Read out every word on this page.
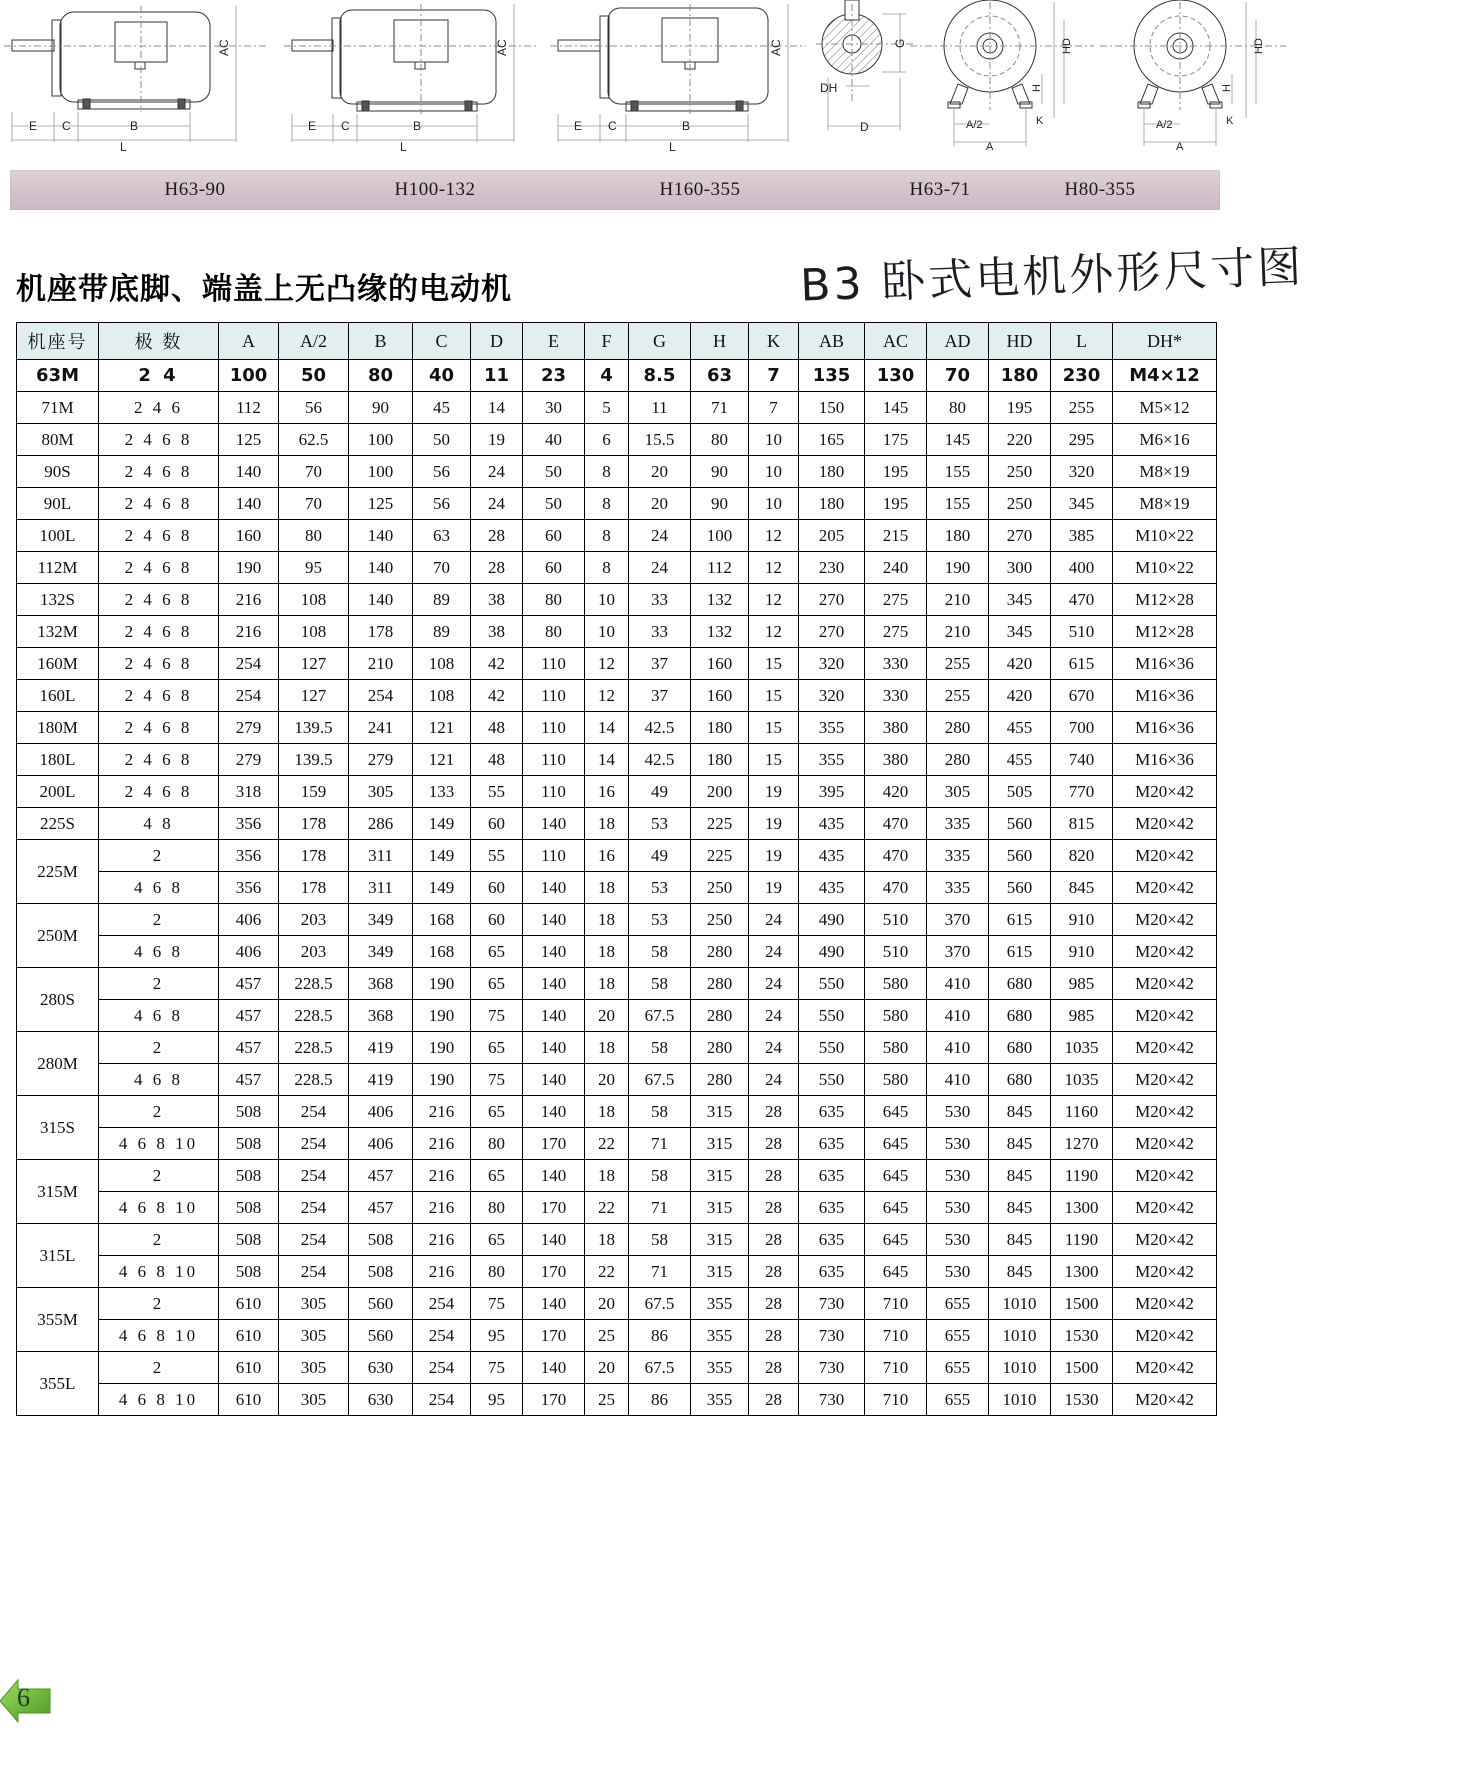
E C	B
L
AC
E C	B
L
AC
E C	B
L
AC	G
DH
D	A/2
A
K
H
HD
A/2
A
K
H
HD
H63-90	H100-132	H160-355	H63-71	H80-355
机座带底脚、端盖上无凸缘的电动机	B3 卧式电机外形尺寸图
机座号	极 数	A	A/2	B	C	D	E	F	G	H	K	AB	AC	AD	HD	L	DH*
63M	2 4	100	50	80	40	11	23	4	8.5	63	7	135	130	70	180	230	M4×12
71M	2 4 6	112	56	90	45	14	30	5	11	71	7	150	145	80	195	255	M5×12
80M	2 4 6 8	125	62.5	100	50	19	40	6	15.5	80	10	165	175	145	220	295	M6×16
90S	2 4 6 8	140	70	100	56	24	50	8	20	90	10	180	195	155	250	320	M8×19
90L	2 4 6 8	140	70	125	56	24	50	8	20	90	10	180	195	155	250	345	M8×19
100L	2 4 6 8	160	80	140	63	28	60	8	24	100	12	205	215	180	270	385	M10×22
112M	2 4 6 8	190	95	140	70	28	60	8	24	112	12	230	240	190	300	400	M10×22
132S	2 4 6 8	216	108	140	89	38	80	10	33	132	12	270	275	210	345	470	M12×28
132M	2 4 6 8	216	108	178	89	38	80	10	33	132	12	270	275	210	345	510	M12×28
160M	2 4 6 8	254	127	210	108	42	110	12	37	160	15	320	330	255	420	615	M16×36
160L	2 4 6 8	254	127	254	108	42	110	12	37	160	15	320	330	255	420	670	M16×36
180M	2 4 6 8	279	139.5	241	121	48	110	14	42.5	180	15	355	380	280	455	700	M16×36
180L	2 4 6 8	279	139.5	279	121	48	110	14	42.5	180	15	355	380	280	455	740	M16×36
200L	2 4 6 8	318	159	305	133	55	110	16	49	200	19	395	420	305	505	770	M20×42
225S	4 8	356	178	286	149	60	140	18	53	225	19	435	470	335	560	815	M20×42
225M	2	356	178	311	149	55	110	16	49	225	19	435	470	335	560	820	M20×42
	4 6 8	356	178	311	149	60	140	18	53	250	19	435	470	335	560	845	M20×42
250M	2	406	203	349	168	60	140	18	53	250	24	490	510	370	615	910	M20×42
	4 6 8	406	203	349	168	65	140	18	58	280	24	490	510	370	615	910	M20×42
280S	2	457	228.5	368	190	65	140	18	58	280	24	550	580	410	680	985	M20×42
	4 6 8	457	228.5	368	190	75	140	20	67.5	280	24	550	580	410	680	985	M20×42
280M	2	457	228.5	419	190	65	140	18	58	280	24	550	580	410	680	1035	M20×42
	4 6 8	457	228.5	419	190	75	140	20	67.5	280	24	550	580	410	680	1035	M20×42
315S	2	508	254	406	216	65	140	18	58	315	28	635	645	530	845	1160	M20×42
	4 6 8 10	508	254	406	216	80	170	22	71	315	28	635	645	530	845	1270	M20×42
315M	2	508	254	457	216	65	140	18	58	315	28	635	645	530	845	1190	M20×42
	4 6 8 10	508	254	457	216	80	170	22	71	315	28	635	645	530	845	1300	M20×42
315L	2	508	254	508	216	65	140	18	58	315	28	635	645	530	845	1190	M20×42
	4 6 8 10	508	254	508	216	80	170	22	71	315	28	635	645	530	845	1300	M20×42
355M	2	610	305	560	254	75	140	20	67.5	355	28	730	710	655	1010	1500	M20×42
	4 6 8 10	610	305	560	254	95	170	25	86	355	28	730	710	655	1010	1530	M20×42
355L	2	610	305	630	254	75	140	20	67.5	355	28	730	710	655	1010	1500	M20×42
	4 6 8 10	610	305	630	254	95	170	25	86	355	28	730	710	655	1010	1530	M20×42
6
